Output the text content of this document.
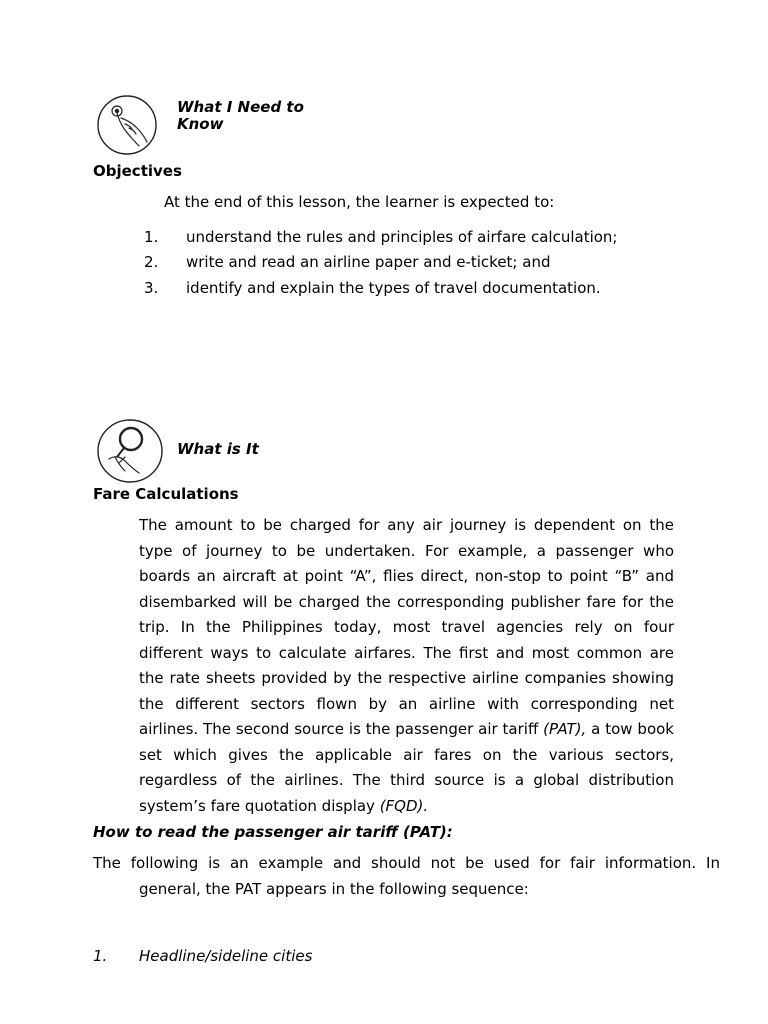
What I Need to
Know
Objectives
At the end of this lesson, the learner is expected to:
1.	understand the rules and principles of airfare calculation;
2.	write and read an airline paper and e-ticket; and
3.	identify and explain the types of travel documentation.
What is It
Fare Calculations

The amount to be charged for any air journey is dependent on the type of journey to be undertaken. For example, a passenger who boards an aircraft at point “A”, flies direct, non-stop to point “B” and disembarked will be charged the corresponding publisher fare for the trip. In the Philippines today, most travel agencies rely on four different ways to calculate airfares. The first and most common are the rate sheets provided by the respective airline companies showing the different sectors flown by an airline with corresponding net airlines. The second source is the passenger air tariff (PAT), a tow book set which gives the applicable air fares on the various sectors, regardless of the airlines. The third source is a global distribution system’s fare quotation display (FQD).

How to read the passenger air tariff (PAT):

The following is an example and should not be used for fair information. In general, the PAT appears in the following sequence:

1.	Headline/sideline cities
